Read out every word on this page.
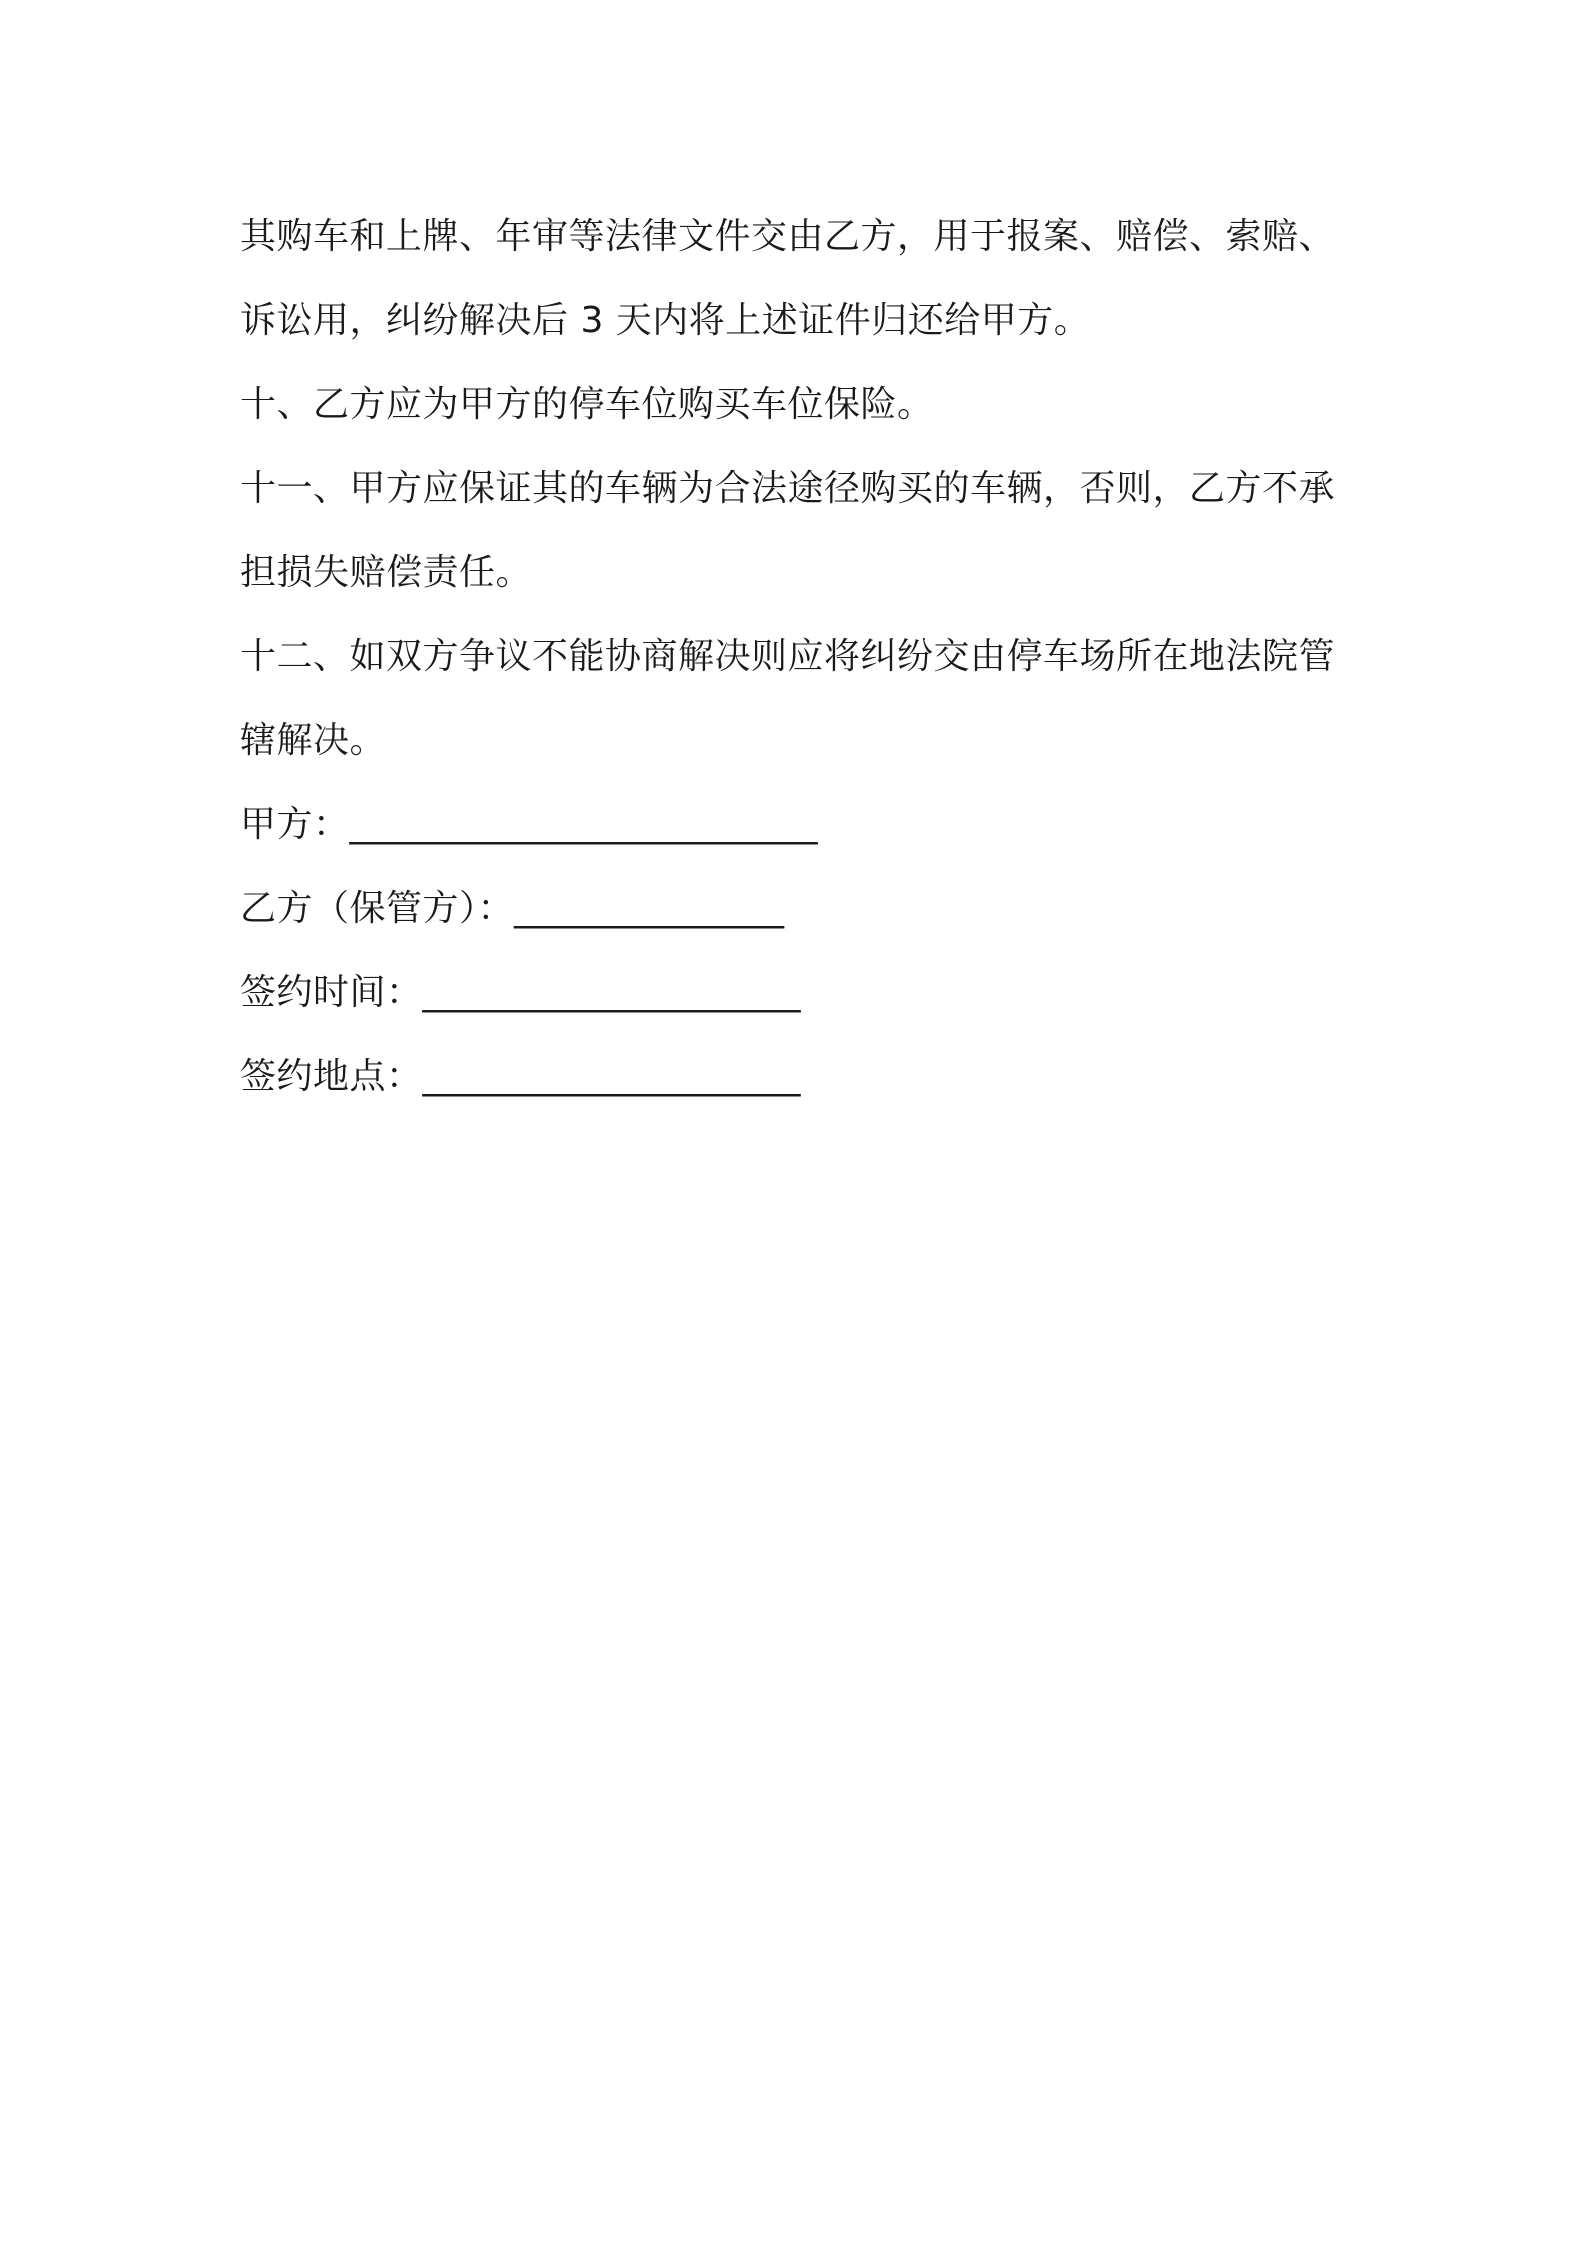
其购车和上牌、年审等法律文件交由乙方，用于报案、赔偿、索赔、
诉讼用，纠纷解决后 3 天内将上述证件归还给甲方。
十、乙方应为甲方的停车位购买车位保险。
十一、甲方应保证其的车辆为合法途径购买的车辆，否则，乙方不承
担损失赔偿责任。
十二、如双方争议不能协商解决则应将纠纷交由停车场所在地法院管
辖解决。
甲方： __________________________
乙方（保管方）： _______________
签约时间： _____________________
签约地点： _____________________
